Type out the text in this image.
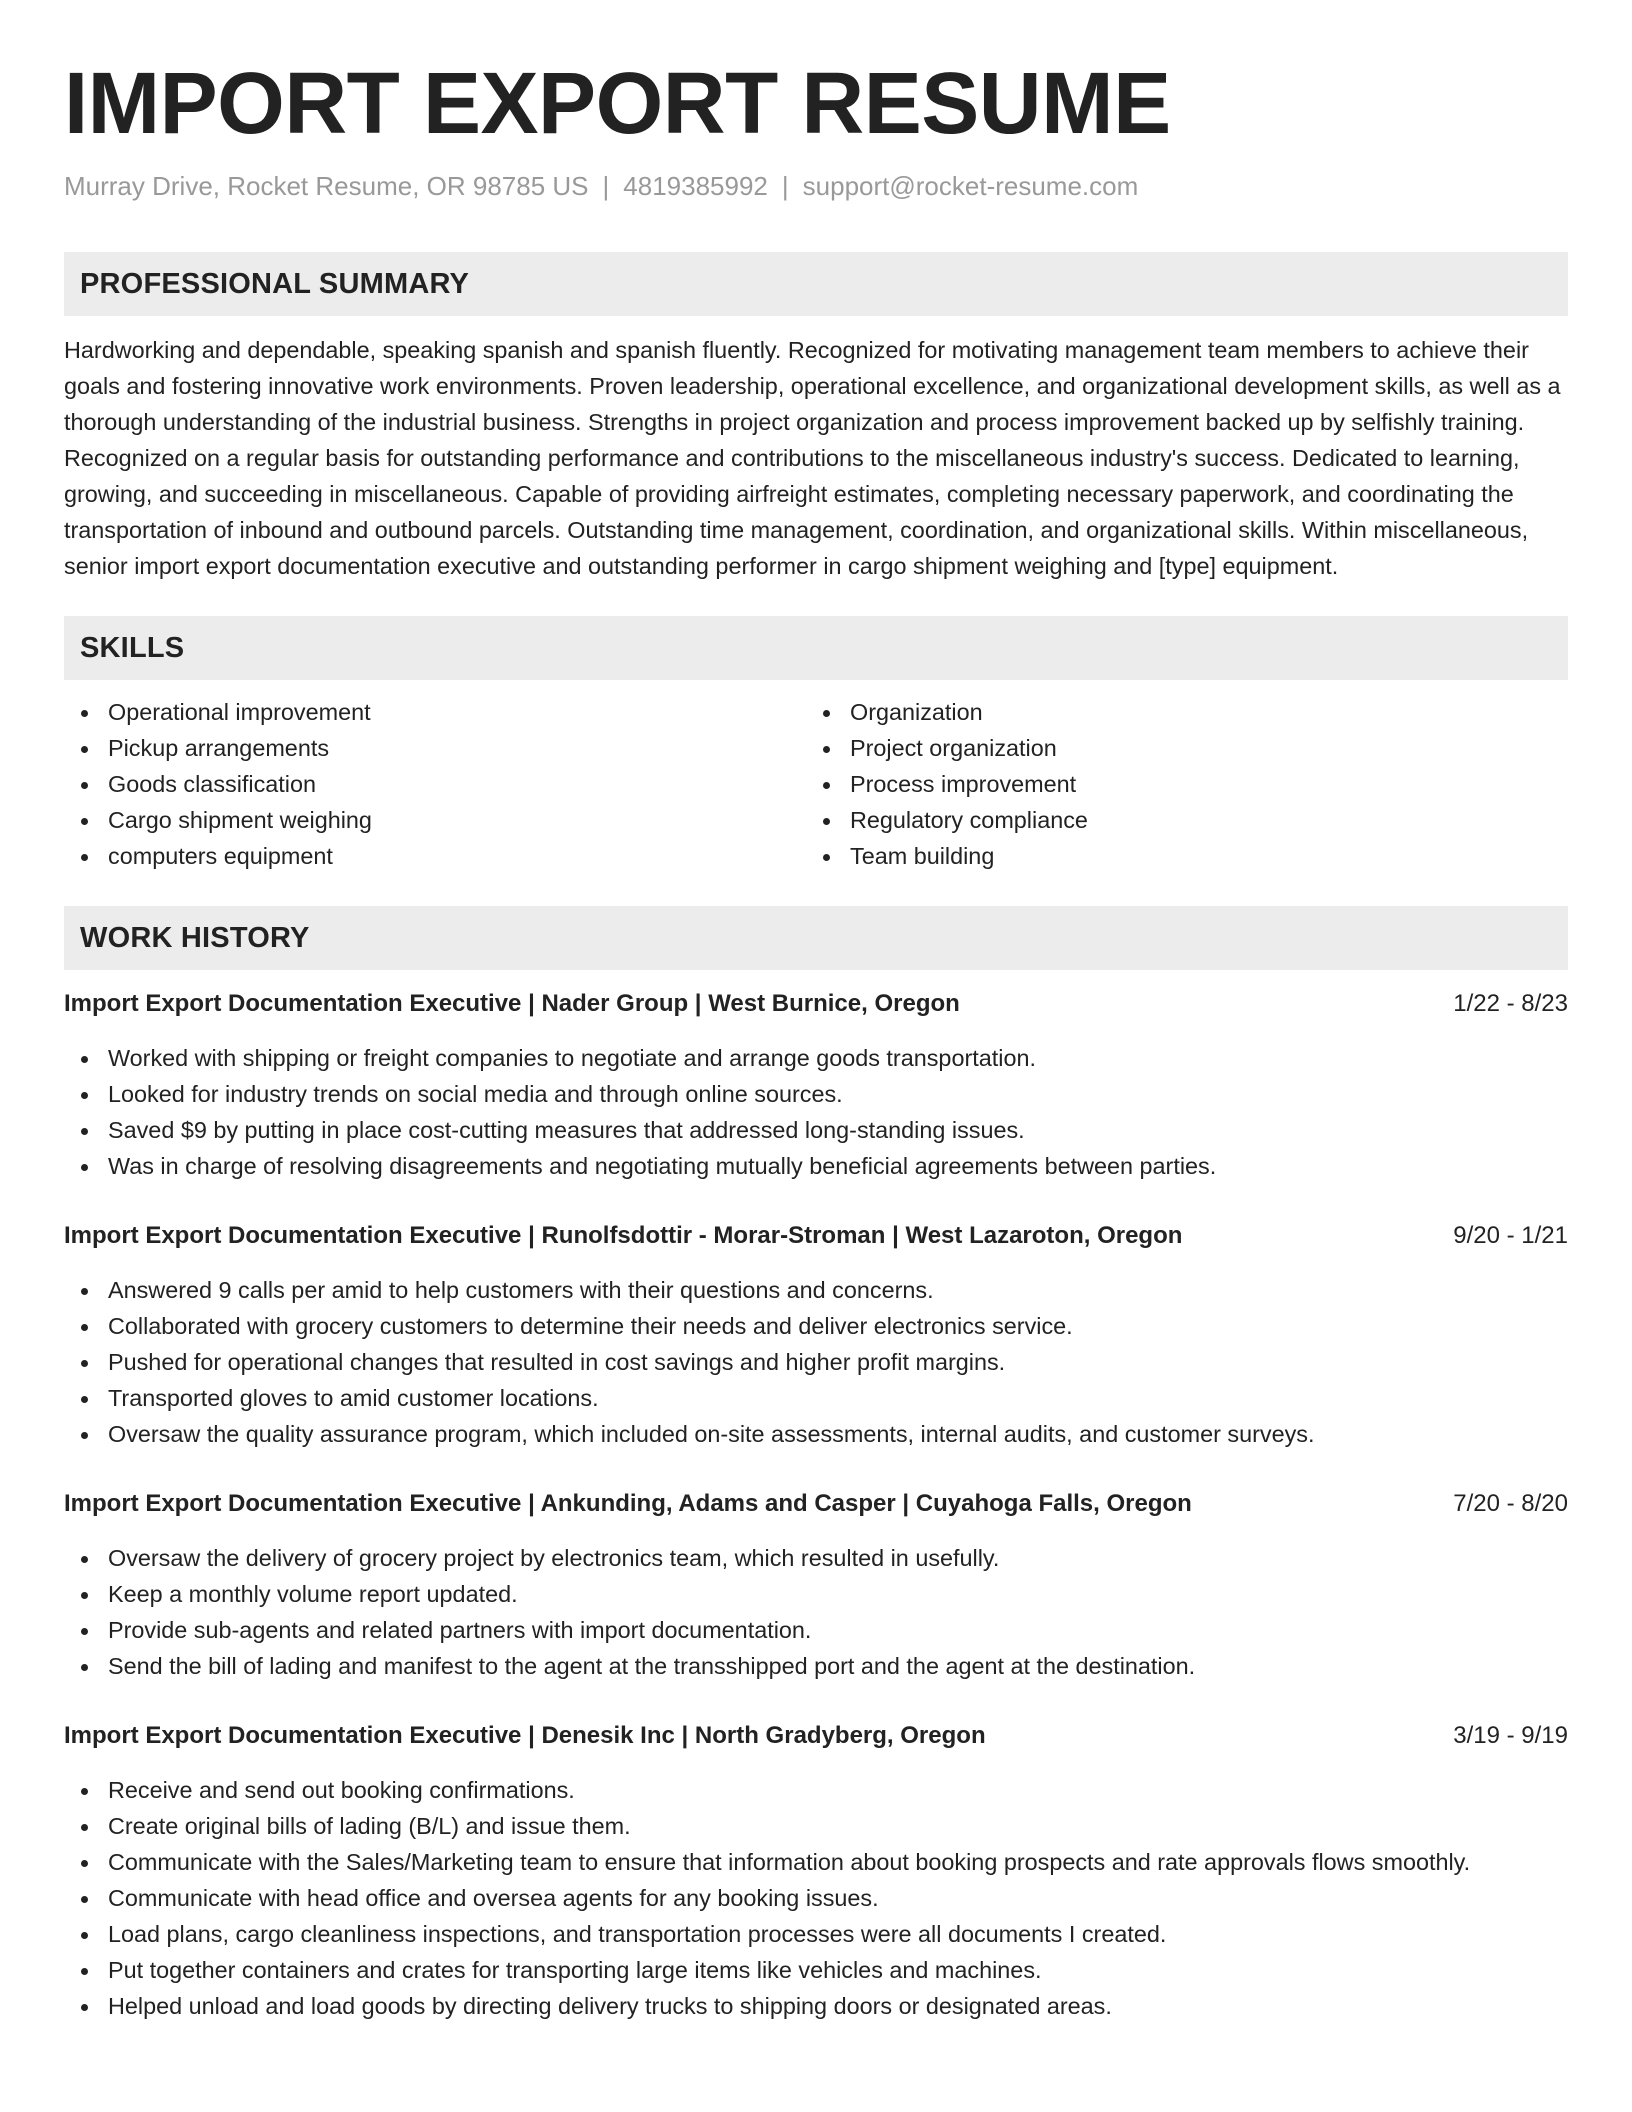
IMPORT EXPORT RESUME
Murray Drive, Rocket Resume, OR 98785 US | 4819385992 | support@rocket-resume.com
PROFESSIONAL SUMMARY

Hardworking and dependable, speaking spanish and spanish fluently. Recognized for motivating management team members to achieve their goals and fostering innovative work environments. Proven leadership, operational excellence, and organizational development skills, as well as a thorough understanding of the industrial business. Strengths in project organization and process improvement backed up by selfishly training. Recognized on a regular basis for outstanding performance and contributions to the miscellaneous industry's success. Dedicated to learning, growing, and succeeding in miscellaneous. Capable of providing airfreight estimates, completing necessary paperwork, and coordinating the transportation of inbound and outbound parcels. Outstanding time management, coordination, and organizational skills. Within miscellaneous, senior import export documentation executive and outstanding performer in cargo shipment weighing and [type] equipment.

SKILLS
Operational improvement
Pickup arrangements
Goods classification
Cargo shipment weighing
computers equipment
Organization
Project organization
Process improvement
Regulatory compliance
Team building
WORK HISTORY
Import Export Documentation Executive | Nader Group | West Burnice, Oregon	1/22 - 8/23
Worked with shipping or freight companies to negotiate and arrange goods transportation.
Looked for industry trends on social media and through online sources.
Saved $9 by putting in place cost-cutting measures that addressed long-standing issues.
Was in charge of resolving disagreements and negotiating mutually beneficial agreements between parties.
Import Export Documentation Executive | Runolfsdottir - Morar-Stroman | West Lazaroton, Oregon	9/20 - 1/21
Answered 9 calls per amid to help customers with their questions and concerns.
Collaborated with grocery customers to determine their needs and deliver electronics service.
Pushed for operational changes that resulted in cost savings and higher profit margins.
Transported gloves to amid customer locations.
Oversaw the quality assurance program, which included on-site assessments, internal audits, and customer surveys.
Import Export Documentation Executive | Ankunding, Adams and Casper | Cuyahoga Falls, Oregon	7/20 - 8/20
Oversaw the delivery of grocery project by electronics team, which resulted in usefully.
Keep a monthly volume report updated.
Provide sub-agents and related partners with import documentation.
Send the bill of lading and manifest to the agent at the transshipped port and the agent at the destination.
Import Export Documentation Executive | Denesik Inc | North Gradyberg, Oregon	3/19 - 9/19
Receive and send out booking confirmations.
Create original bills of lading (B/L) and issue them.
Communicate with the Sales/Marketing team to ensure that information about booking prospects and rate approvals flows smoothly.
Communicate with head office and oversea agents for any booking issues.
Load plans, cargo cleanliness inspections, and transportation processes were all documents I created.
Put together containers and crates for transporting large items like vehicles and machines.
Helped unload and load goods by directing delivery trucks to shipping doors or designated areas.
